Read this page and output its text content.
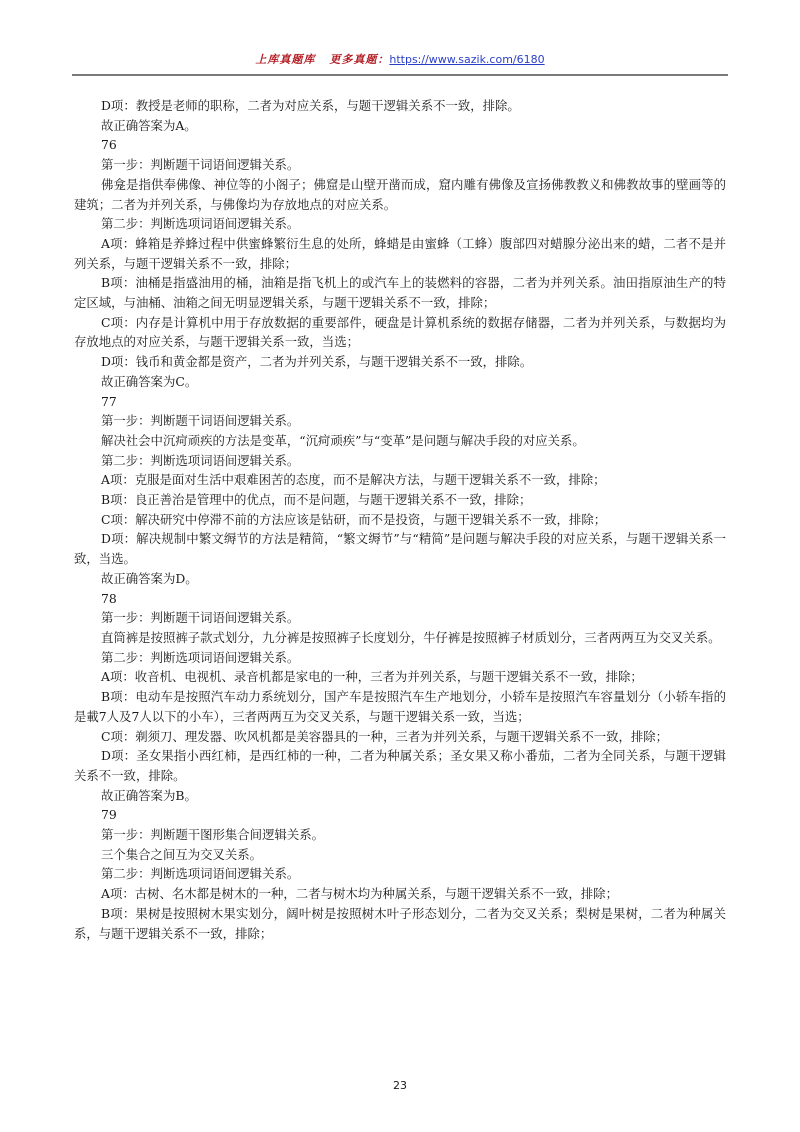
上库真题库 更多真题：https://www.sazik.com/6180

D项：教授是老师的职称，二者为对应关系，与题干逻辑关系不一致，排除。

故正确答案为A。

76

第一步：判断题干词语间逻辑关系。

佛龛是指供奉佛像、神位等的小阁子；佛窟是山壁开凿而成，窟内雕有佛像及宣扬佛教教义和佛教故事的壁画等的建筑；二者为并列关系，与佛像均为存放地点的对应关系。

第二步：判断选项词语间逻辑关系。

A项：蜂箱是养蜂过程中供蜜蜂繁衍生息的处所，蜂蜡是由蜜蜂（工蜂）腹部四对蜡腺分泌出来的蜡，二者不是并列关系，与题干逻辑关系不一致，排除；

B项：油桶是指盛油用的桶，油箱是指飞机上的或汽车上的装燃料的容器，二者为并列关系。油田指原油生产的特定区域，与油桶、油箱之间无明显逻辑关系，与题干逻辑关系不一致，排除；

C项：内存是计算机中用于存放数据的重要部件，硬盘是计算机系统的数据存储器，二者为并列关系，与数据均为存放地点的对应关系，与题干逻辑关系一致，当选；

D项：钱币和黄金都是资产，二者为并列关系，与题干逻辑关系不一致，排除。

故正确答案为C。

77

第一步：判断题干词语间逻辑关系。

解决社会中沉疴顽疾的方法是变革，“沉疴顽疾”与“变革”是问题与解决手段的对应关系。

第二步：判断选项词语间逻辑关系。

A项：克服是面对生活中艰难困苦的态度，而不是解决方法，与题干逻辑关系不一致，排除；

B项：良正善治是管理中的优点，而不是问题，与题干逻辑关系不一致，排除；

C项：解决研究中停滞不前的方法应该是钻研，而不是投资，与题干逻辑关系不一致，排除；

D项：解决规制中繁文缛节的方法是精简，“繁文缛节”与“精简”是问题与解决手段的对应关系，与题干逻辑关系一致，当选。

故正确答案为D。

78

第一步：判断题干词语间逻辑关系。

直筒裤是按照裤子款式划分，九分裤是按照裤子长度划分，牛仔裤是按照裤子材质划分，三者两两互为交叉关系。

第二步：判断选项词语间逻辑关系。

A项：收音机、电视机、录音机都是家电的一种，三者为并列关系，与题干逻辑关系不一致，排除；

B项：电动车是按照汽车动力系统划分，国产车是按照汽车生产地划分，小轿车是按照汽车容量划分（小轿车指的是載7人及7人以下的小车），三者两两互为交叉关系，与题干逻辑关系一致，当选；

C项：剃须刀、理发器、吹风机都是美容器具的一种，三者为并列关系，与题干逻辑关系不一致，排除；

D项：圣女果指小西红柿，是西红柿的一种，二者为种属关系；圣女果又称小番茄，二者为全同关系，与题干逻辑关系不一致，排除。

故正确答案为B。

79

第一步：判断题干图形集合间逻辑关系。

三个集合之间互为交叉关系。

第二步：判断选项词语间逻辑关系。

A项：古树、名木都是树木的一种，二者与树木均为种属关系，与题干逻辑关系不一致，排除；

B项：果树是按照树木果实划分，阔叶树是按照树木叶子形态划分，二者为交叉关系；梨树是果树，二者为种属关系，与题干逻辑关系不一致，排除；

23
